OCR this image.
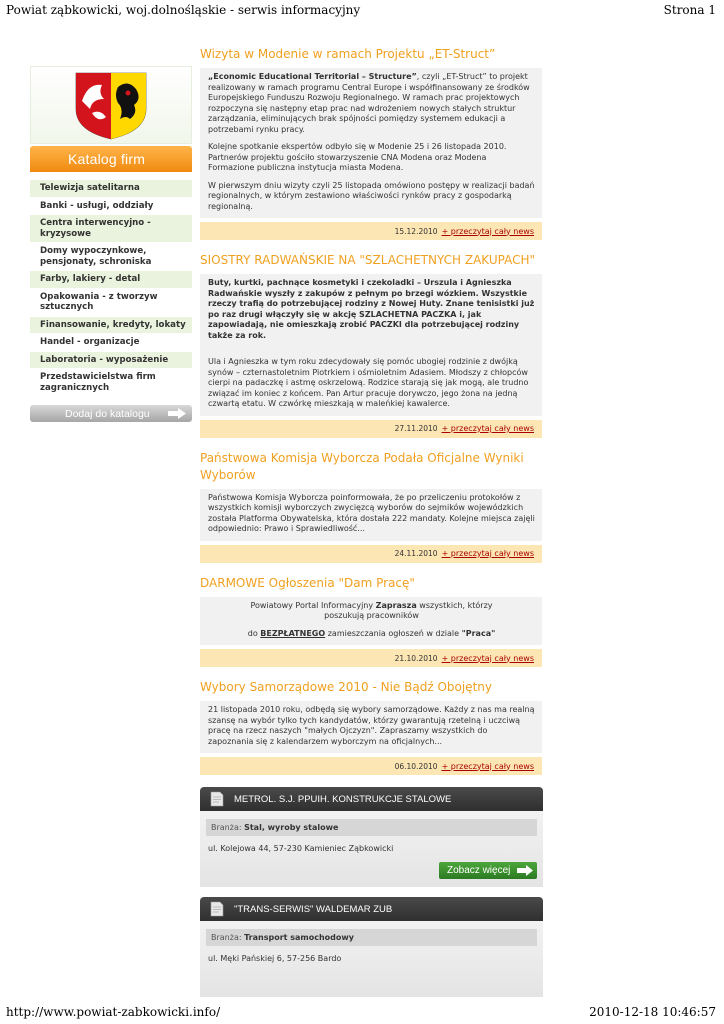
Powiat ząbkowicki, woj.dolnośląskie - serwis informacyjny	Strona 1
Katalog firm
Telewizja satelitarna
Banki - usługi, oddziały
Centra interwencyjno - kryzysowe
Domy wypoczynkowe, pensjonaty, schroniska
Farby, lakiery - detal
Opakowania - z tworzyw sztucznych
Finansowanie, kredyty, lokaty
Handel - organizacje
Laboratoria - wyposażenie
Przedstawicielstwa firm zagranicznych
Dodaj do katalogu
Wizyta w Modenie w ramach Projektu „ET-Struct”

„Economic Educational Territorial – Structure”, czyli „ET-Struct” to projekt realizowany w ramach programu Central Europe i współfinansowany ze środków Europejskiego Funduszu Rozwoju Regionalnego. W ramach prac projektowych rozpoczyna się następny etap prac nad wdrożeniem nowych stałych struktur zarządzania, eliminujących brak spójności pomiędzy systemem edukacji a potrzebami rynku pracy.

Kolejne spotkanie ekspertów odbyło się w Modenie 25 i 26 listopada 2010. Partnerów projektu gościło stowarzyszenie CNA Modena oraz Modena Formazione publiczna instytucja miasta Modena.

W pierwszym dniu wizyty czyli 25 listopada omówiono postępy w realizacji badań regionalnych, w którym zestawiono właściwości rynków pracy z gospodarką regionalną.

15.12.2010 + przeczytaj cały news
SIOSTRY RADWAŃSKIE NA "SZLACHETNYCH ZAKUPACH"

Buty, kurtki, pachnące kosmetyki i czekoladki – Urszula i Agnieszka Radwańskie wyszły z zakupów z pełnym po brzegi wózkiem. Wszystkie rzeczy trafią do potrzebującej rodziny z Nowej Huty. Znane tenisistki już po raz drugi włączyły się w akcję SZLACHETNA PACZKA i, jak zapowiadają, nie omieszkają zrobić PACZKI dla potrzebującej rodziny także za rok.

Ula i Agnieszka w tym roku zdecydowały się pomóc ubogiej rodzinie z dwójką synów – czternastoletnim Piotrkiem i ośmioletnim Adasiem. Młodszy z chłopców cierpi na padaczkę i astmę oskrzelową. Rodzice starają się jak mogą, ale trudno związać im koniec z końcem. Pan Artur pracuje dorywczo, jego żona na jedną czwartą etatu. W czwórkę mieszkają w maleńkiej kawalerce.

27.11.2010 + przeczytaj cały news
Państwowa Komisja Wyborcza Podała Oficjalne Wyniki Wyborów

Państwowa Komisja Wyborcza poinformowała, że po przeliczeniu protokołów z wszystkich komisji wyborczych zwycięzcą wyborów do sejmików wojewódzkich została Platforma Obywatelska, która dostała 222 mandaty. Kolejne miejsca zajęli odpowiednio: Prawo i Sprawiedliwość...

24.11.2010 + przeczytaj cały news
DARMOWE Ogłoszenia "Dam Pracę"

Powiatowy Portal Informacyjny Zaprasza wszystkich, którzy poszukują pracowników

do BEZPŁATNEGO zamieszczania ogłoszeń w dziale "Praca"

21.10.2010 + przeczytaj cały news
Wybory Samorządowe 2010 - Nie Bądź Obojętny

21 listopada 2010 roku, odbędą się wybory samorządowe. Każdy z nas ma realną szansę na wybór tylko tych kandydatów, którzy gwarantują rzetelną i uczciwą pracę na rzecz naszych "małych Ojczyzn". Zapraszamy wszystkich do zapoznania się z kalendarzem wyborczym na oficjalnych...

06.10.2010 + przeczytaj cały news
METROL. S.J. PPUIH. KONSTRUKCJE STALOWE
Branża: Stal, wyroby stalowe
ul. Kolejowa 44, 57-230 Kamieniec Ząbkowicki
Zobacz więcej
"TRANS-SERWIS" WALDEMAR ZUB
Branża: Transport samochodowy
ul. Męki Pańskiej 6, 57-256 Bardo
http://www.powiat-zabkowicki.info/	2010-12-18 10:46:57
